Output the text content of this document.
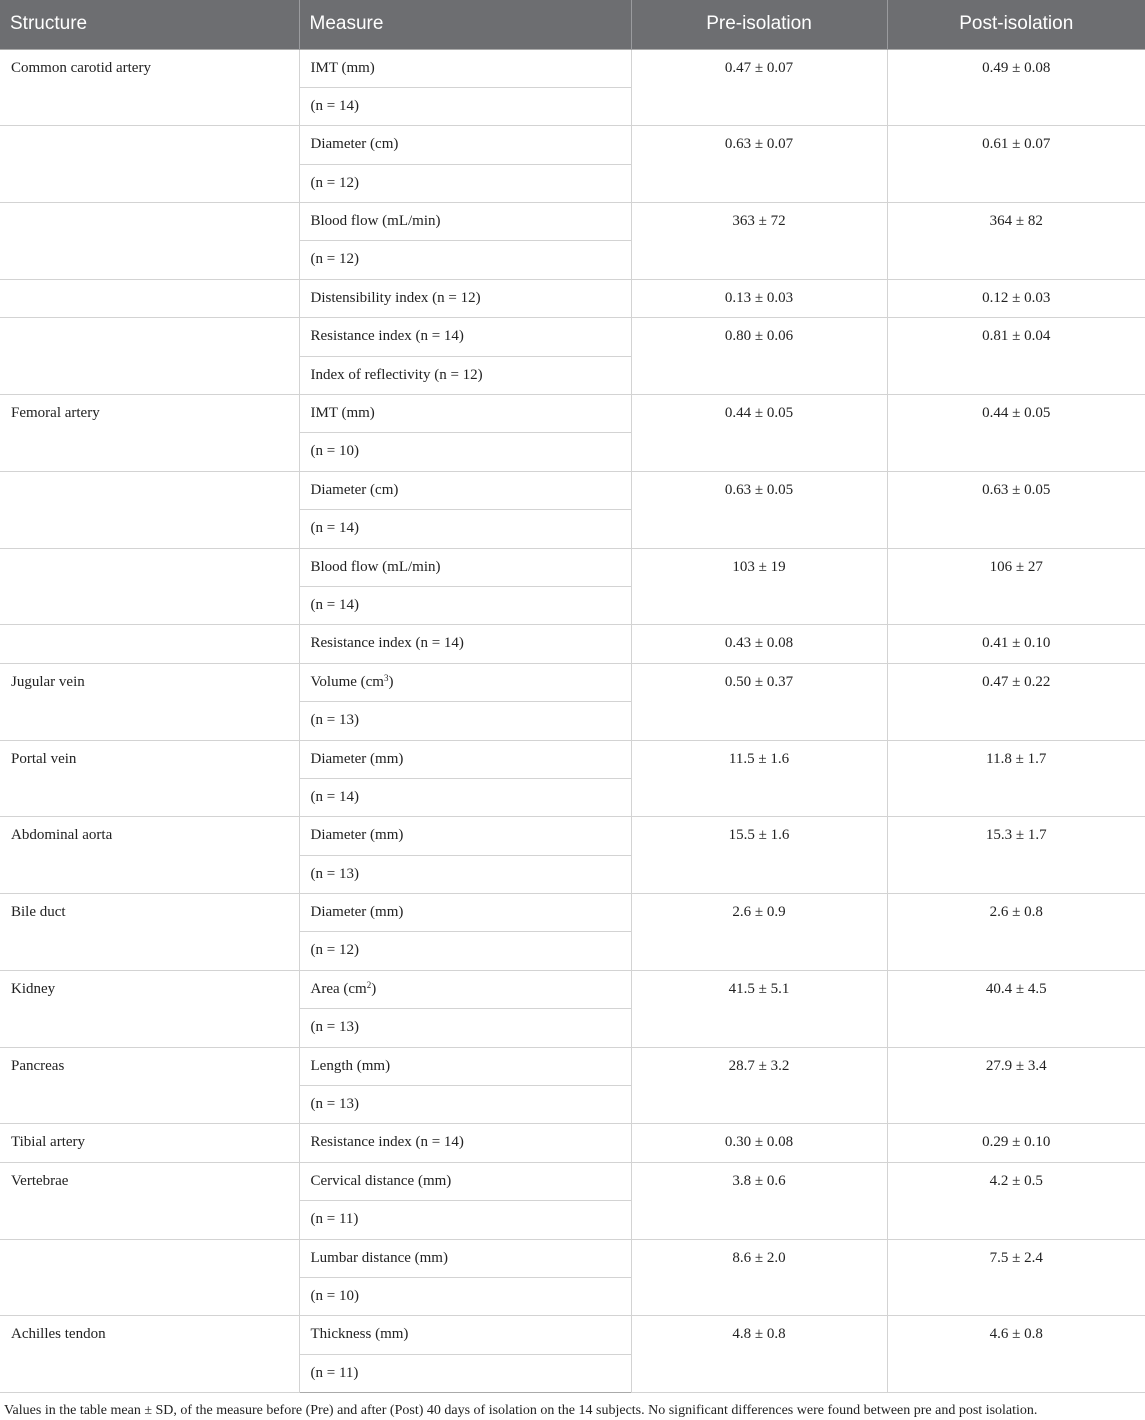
Structure	Measure	Pre-isolation	Post-isolation
Common carotid artery	IMT (mm)	0.47 ± 0.07	0.49 ± 0.08
	(n = 14)		
	Diameter (cm)	0.63 ± 0.07	0.61 ± 0.07
	(n = 12)		
	Blood flow (mL/min)	363 ± 72	364 ± 82
	(n = 12)		
	Distensibility index (n = 12)	0.13 ± 0.03	0.12 ± 0.03
	Resistance index (n = 14)	0.80 ± 0.06	0.81 ± 0.04
	Index of reflectivity (n = 12)		
Femoral artery	IMT (mm)	0.44 ± 0.05	0.44 ± 0.05
	(n = 10)		
	Diameter (cm)	0.63 ± 0.05	0.63 ± 0.05
	(n = 14)		
	Blood flow (mL/min)	103 ± 19	106 ± 27
	(n = 14)		
	Resistance index (n = 14)	0.43 ± 0.08	0.41 ± 0.10
Jugular vein	Volume $(cm^3)$	0.50 ± 0.37	0.47 ± 0.22
	(n = 13)		
Portal vein	Diameter (mm)	11.5 ± 1.6	11.8 ± 1.7
	(n = 14)		
Abdominal aorta	Diameter (mm)	15.5 ± 1.6	15.3 ± 1.7
	(n = 13)		
Bile duct	Diameter (mm)	2.6 ± 0.9	2.6 ± 0.8
	(n = 12)		
Kidney	Area $(cm^2)$	41.5 ± 5.1	40.4 ± 4.5
	(n = 13)		
Pancreas	Length (mm)	28.7 ± 3.2	27.9 ± 3.4
	(n = 13)		
Tibial artery	Resistance index (n = 14)	0.30 ± 0.08	0.29 ± 0.10
Vertebrae	Cervical distance (mm)	3.8 ± 0.6	4.2 ± 0.5
	(n = 11)		
	Lumbar distance (mm)	8.6 ± 2.0	7.5 ± 2.4
	(n = 10)		
Achilles tendon	Thickness (mm)	4.8 ± 0.8	4.6 ± 0.8
	(n = 11)		
Values in the table mean ± SD, of the measure before (Pre) and after (Post) 40 days of isolation on the 14 subjects. No significant differences were found between pre and post isolation.
